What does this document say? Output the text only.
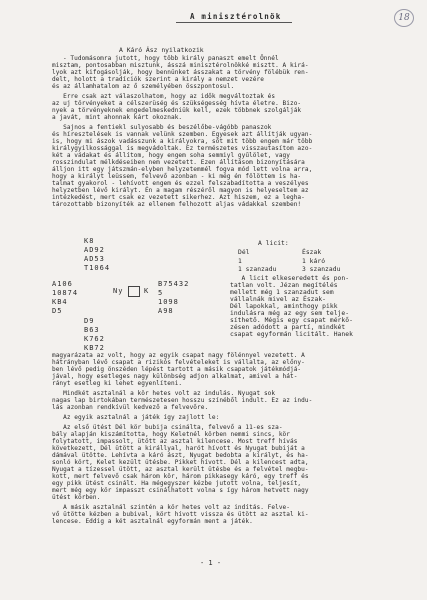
18
A minisztérolnök
A Káró Ász nyilatkozik
- Tudomásomra jutott, hogy több király panaszt emelt Önnél
misztam, pontosabban misztunk, ásszá minisztérolnökké misztt. A kirá-
lyok azt kifogásolják, hogy bennünket ásszakat a törvény fölébük ren-
delt, holott a tradíciók szerint a király a nemzet vezére
és az államhatalom az ő személyében összpontosul.
Erre csak azt válaszolhatom, hogy az idők megváltoztak és
az uj törvényeket a célszerüség és szükségesség hívta életre. Bizo-
nyek a törvényeknek engedelmeskedniük kell, ezek többnek szolgálják
a javát, mint ahonnak kárt okoznak.
Sajnos a fentiekl sulyosabb és beszélőbe-vágóbb panaszok
és híresztelések is vannak velünk szemben. Egyesek azt állítják ugyan-
is, hogy mi ászok vadásszunk a királyokra, sőt mit több engem már több
királygyilkossággal is megvádoltak. Ez természetes visszautasítom azo-
két a vádakat és állítom, hogy engem soha semmiyl gyűlölet, vagy
rosszindulat mélkdéseiben nem vezetett. Ezen állításom bizonyítására
álljon itt egy játszmán-elyben helyzetemmél fogva mód lett volna arra,
hogy a királyt leüssem, felvevő azonban - ki még én fölöttem is ha-
talmat gyakorol - lehívott engem és ezzel felszabadította a veszélyes
helyzetben lévő királyt. Én a magam részéről magyon is helyeseltem az
intézkedést, mert csak ez vezetett sikerhez. Azt hiszem, ez a legha-
tározottabb bizonyíték az ellenem felhozott aljas vádakkal szemben!
K8
AD92
AD53
T1064
A106
10874
KB4
D5
Ny	K
B75432
5
1098
A98
D9
B63
K762
KB72
A licit:
Dél	Észak
1	1 káró
1 szanzadu	3 szanzadu
A licit elkeseredett és pon-
tatlan volt. Jézan megítélés
mellett még 1 szanzadut sem
vállalnák mivel az Észak-
Dél lapokkal, aminthogy pikk
indulásra még az egy sem telje-
síthető. Mégis egy csapat mérkő-
zésen adódott a partí, mindkét
csapat egyformán licitált. Hanek
magyarázata az volt, hogy az egyik csapat nagy fölénnyel vezetett. A
hátrányban lévő csapat a rizikós felvételeket is vállalta, az előny-
ben lévő pedig önszéden lépést tartott a másik csapatok játékmódjá-
jával, hogy esetleges nagy különbség adjon alkalmat, amivel a hát-
rányt esetleg ki lehet egyenlíteni.
Mindkét asztalnál a kör hetes volt az indulás. Nyugat sok
nagas lap birtokában természetesen hosszu színéből indult. Ez az indu-
lás azonban rendkívül kedvező a felvevőre.
Az egyik asztalnál a játék így zajlott le:
Az első ütést Dél kör bubija csinálta, felvevő a 11-es sza-
bály alapján kiszámította, hogy Keletnél körben nemmi sincs, kör
folytatott, impassolt, ütött az asztal kilencese. Most treff hívás
következett, Dél ütött a királlyal, harót hívott és Nyugat bubiját a
dámával ütötte. Lehívta a káró ászt, Nyugat bedobta a királyt, és ha-
sonló kört, Kelet kezült ütésbe. Pikket hívott. Dél a kilencest adta,
Nyugat a tízessel ütött, az asztal került ütésbe és a felvétel megbu-
kott, mert felvevő csak három kör, három pikkasegy káró, egy treff és
egy pikk ütést csinált. Ha mégegyszer kézbe jutott volna, teljesít,
mert még egy kör impasszt csinálhatott volna s így három hetvett nagy
ütést körben.
A másik asztalnál szintén a kör hetes volt az indítás. Felve-
vő ütötte kézben a bubival, kört hívott vissza és ütött az asztal ki-
lencese. Eddig a két asztalnál egyformán ment a játék.
- 1 -
